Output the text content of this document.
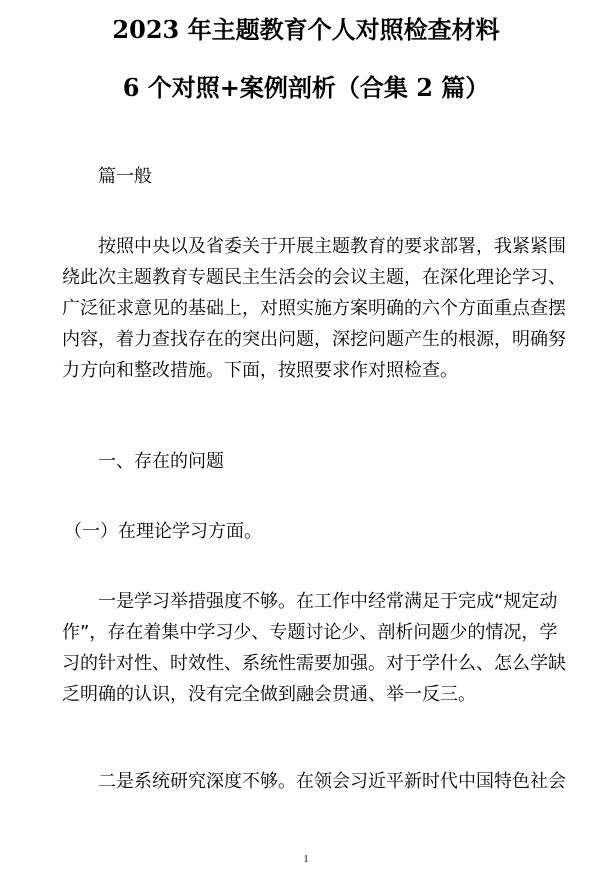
2023 年主题教育个人对照检查材料
6 个对照+案例剖析（合集 2 篇）

篇一般

按照中央以及省委关于开展主题教育的要求部署，我紧紧围
绕此次主题教育专题民主生活会的会议主题，在深化理论学习、
广泛征求意见的基础上，对照实施方案明确的六个方面重点查摆
内容，着力查找存在的突出问题，深挖问题产生的根源，明确努
力方向和整改措施。下面，按照要求作对照检查。

一、存在的问题

（一）在理论学习方面。

一是学习举措强度不够。在工作中经常满足于完成“规定动
作”，存在着集中学习少、专题讨论少、剖析问题少的情况，学
习的针对性、时效性、系统性需要加强。对于学什么、怎么学缺
乏明确的认识，没有完全做到融会贯通、举一反三。
二是系统研究深度不够。在领会习近平新时代中国特色社会
1
